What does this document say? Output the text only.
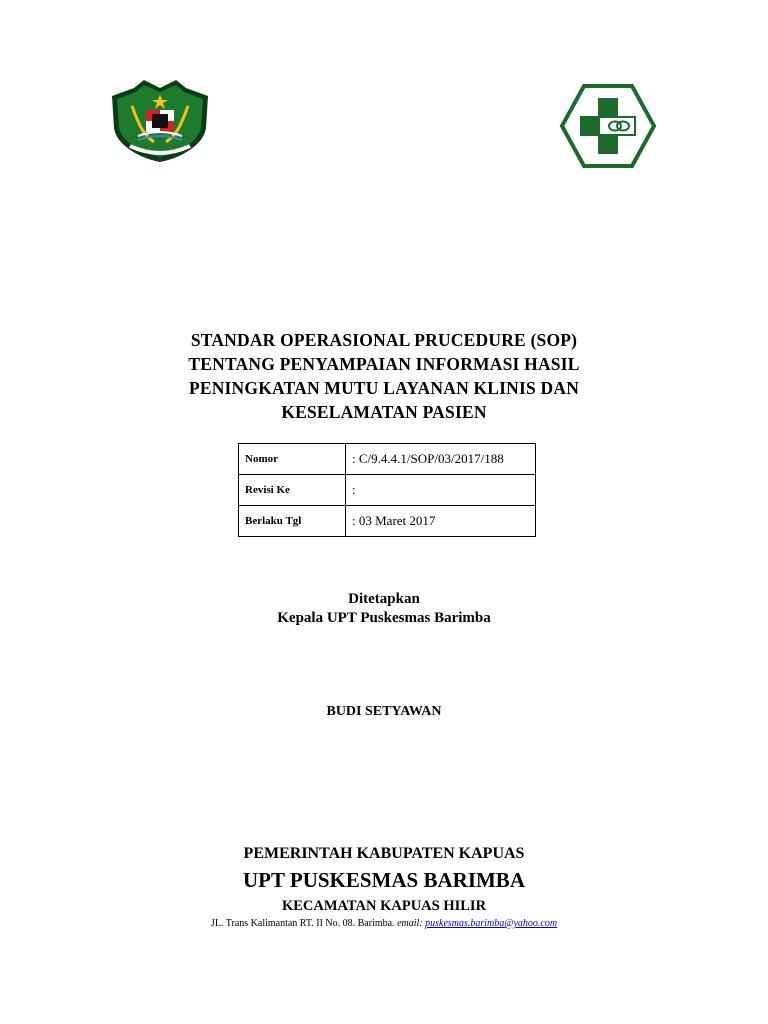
STANDAR OPERASIONAL PRUCEDURE (SOP)
TENTANG PENYAMPAIAN INFORMASI HASIL
PENINGKATAN MUTU LAYANAN KLINIS DAN
KESELAMATAN PASIEN
Nomor	: C/9.4.4.1/SOP/03/2017/188
Revisi Ke	:
Berlaku Tgl	: 03 Maret 2017
Ditetapkan
Kepala UPT Puskesmas Barimba
BUDI SETYAWAN
PEMERINTAH KABUPATEN KAPUAS
UPT PUSKESMAS BARIMBA
KECAMATAN KAPUAS HILIR
JL. Trans Kalimantan RT. II No. 08. Barimba. email: puskesmas.barimba@yahoo.com
